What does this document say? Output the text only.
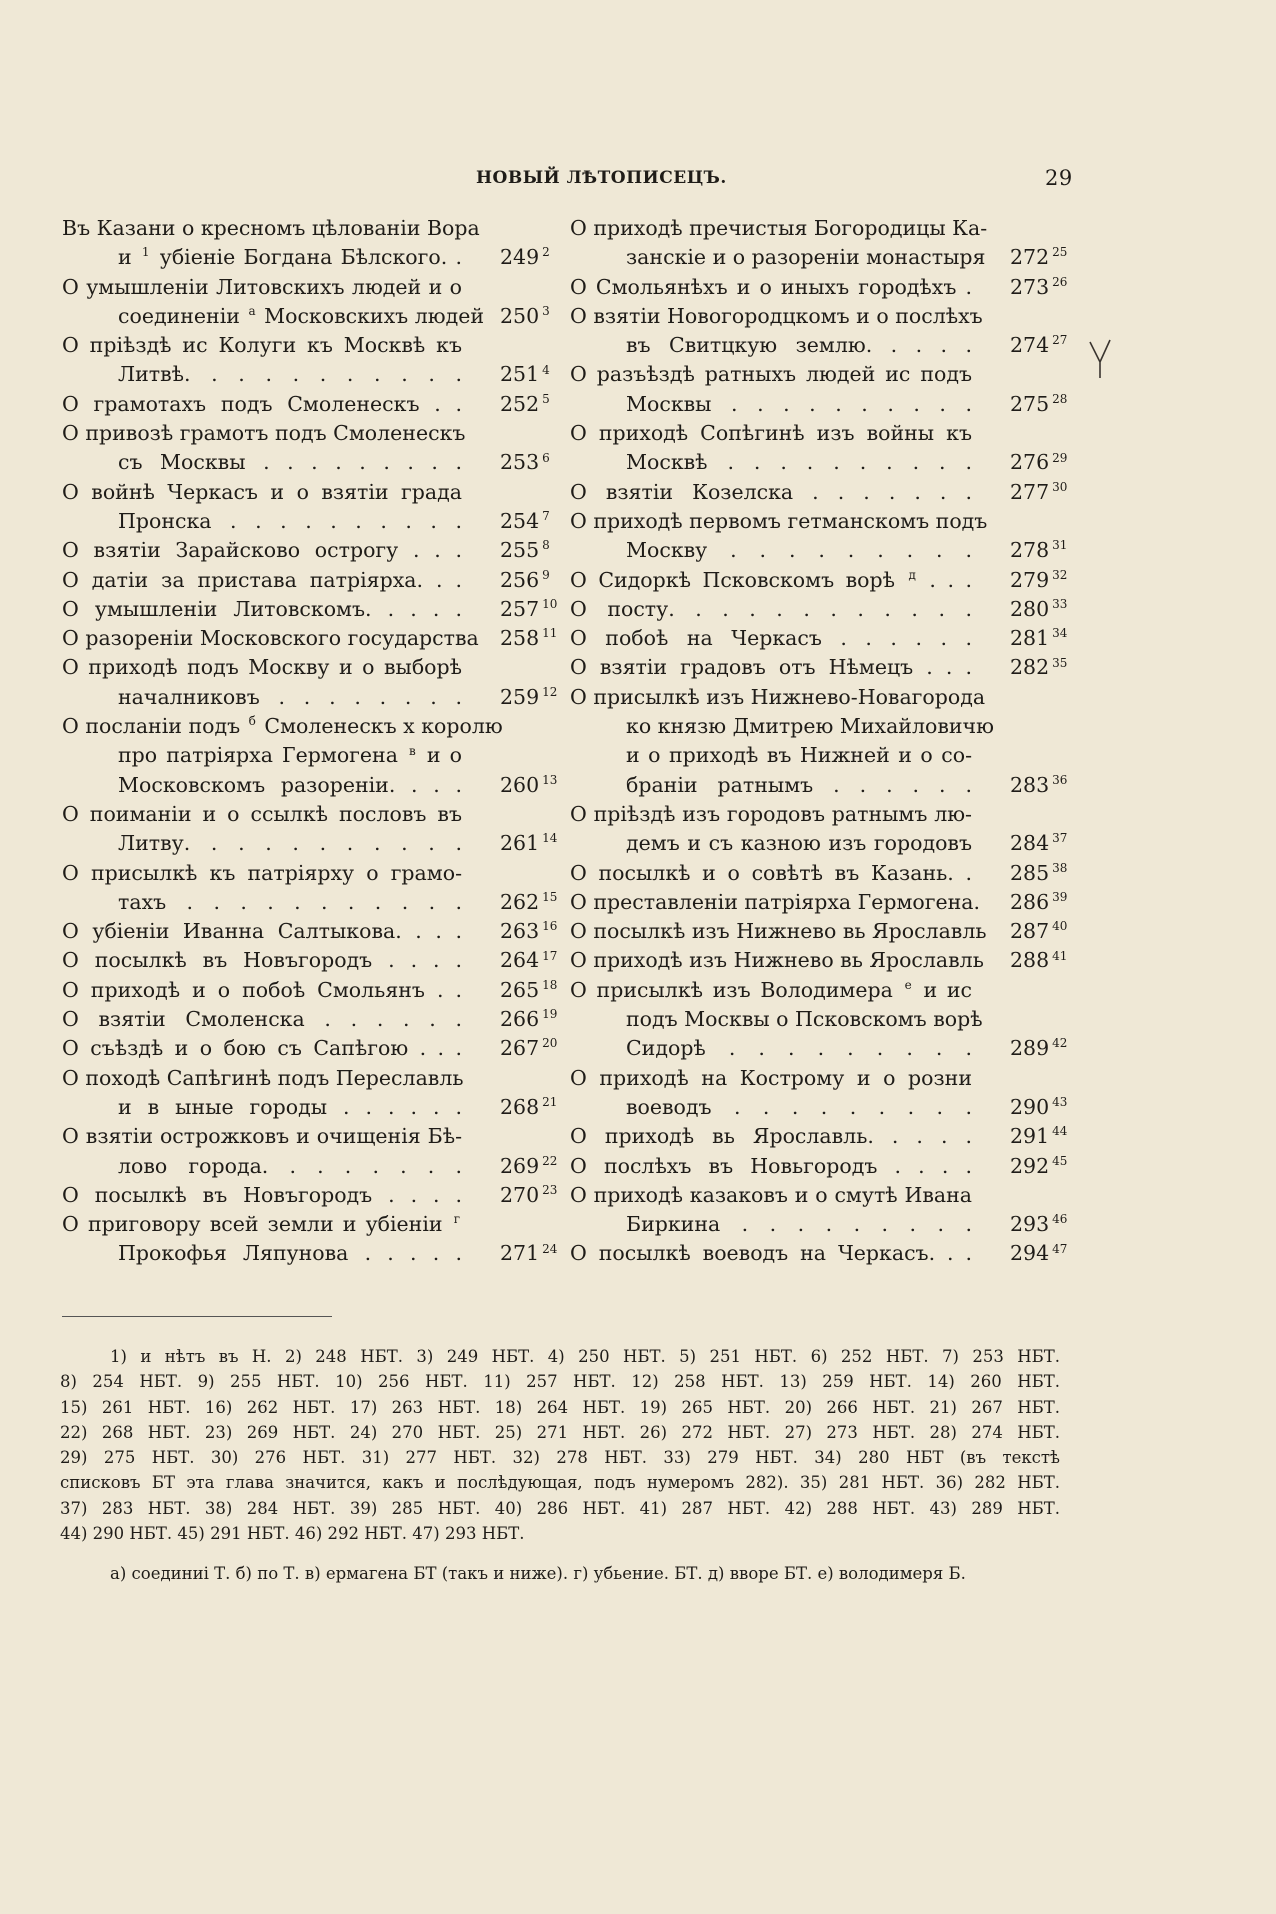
НОВЫЙ ЛѢТОПИСЕЦЪ.	29
Въ Казани о кресномъ цѣлованіи Вора
и $^1$ убіеніе Богдана Бѣлского. . 249 $^2$
О умышленіи Литовскихъ людей и о
соединеніи $^а$ Московскихъ людей 250 $^3$
О пріѣздѣ ис Колуги къ Москвѣ къ
Литвѣ. . . . . . . . . . . 251 $^4$
О грамотахъ подъ Смоленескъ . . 252 $^5$
О привозѣ грамотъ подъ Смоленескъ
съ Москвы . . . . . . . . . 253 $^6$
О войнѣ Черкасъ и о взятіи града
Пронска . . . . . . . . . . 254 $^7$
О взятіи Зарайсково острогу . . . 255 $^8$
О датіи за пристава патріярха. . . 256 $^9$
О умышленіи Литовскомъ. . . . . 257 $^{10}$
О разореніи Московского государства 258 $^{11}$
О приходѣ подъ Москву и о выборѣ
началниковъ . . . . . . . . 259 $^{12}$
О посланіи подъ $^б$ Смоленескъ х королю
про патріярха Гермогена $^в$ и о
Московскомъ разореніи. . . . 260 $^{13}$
О поиманіи и о ссылкѣ пословъ въ
Литву. . . . . . . . . . . 261 $^{14}$
О присылкѣ къ патріярху о грамо-
тахъ . . . . . . . . . . . 262 $^{15}$
О убіеніи Иванна Салтыкова. . . . 263 $^{16}$
О посылкѣ въ Новъгородъ . . . . 264 $^{17}$
О приходѣ и о побоѣ Смольянъ . . 265 $^{18}$
О взятіи Смоленска . . . . . . 266 $^{19}$
О съѣздѣ и о бою съ Сапѣгою . . . 267 $^{20}$
О походѣ Сапѣгинѣ подъ Переславль
и в ыные городы . . . . . . 268 $^{21}$
О взятіи острожковъ и очищенія Бѣ-
лово города. . . . . . . . 269 $^{22}$
О посылкѣ въ Новъгородъ . . . . 270 $^{23}$
О приговору всей земли и убіеніи $^г$
Прокофья Ляпунова . . . . . 271 $^{24}$
О приходѣ пречистыя Богородицы Ка-
занскіе и о разореніи монастыря 272 $^{25}$
О Смольянѣхъ и о иныхъ городѣхъ . 273 $^{26}$
О взятіи Новогородцкомъ и о послѣхъ
въ Свитцкую землю. . . . . 274 $^{27}$
О разъѣздѣ ратныхъ людей ис подъ
Москвы . . . . . . . . . . 275 $^{28}$
О приходѣ Сопѣгинѣ изъ войны къ
Москвѣ . . . . . . . . . . 276 $^{29}$
О взятіи Козелска . . . . . . . 277 $^{30}$
О приходѣ первомъ гетманскомъ подъ
Москву . . . . . . . . . 278 $^{31}$
О Сидоркѣ Псковскомъ ворѣ $^д$ . . . 279 $^{32}$
О посту. . . . . . . . . . . . 280 $^{33}$
О побоѣ на Черкасъ . . . . . . 281 $^{34}$
О взятіи градовъ отъ Нѣмецъ . . . 282 $^{35}$
О присылкѣ изъ Нижнево-Новагорода
ко князю Дмитрею Михайловичю
и о приходѣ въ Нижней и о со-
браніи ратнымъ . . . . . . 283 $^{36}$
О пріѣздѣ изъ городовъ ратнымъ лю-
демъ и съ казною изъ городовъ 284 $^{37}$
О посылкѣ и о совѣтѣ въ Казань. . 285 $^{38}$
О преставленіи патріярха Гермогена. 286 $^{39}$
О посылкѣ изъ Нижнево вь Ярославль 287 $^{40}$
О приходѣ изъ Нижнево вь Ярославль 288 $^{41}$
О присылкѣ изъ Володимера $^е$ и ис
подъ Москвы о Псковскомъ ворѣ
Сидорѣ . . . . . . . . . 289 $^{42}$
О приходѣ на Кострому и о розни
воеводъ . . . . . . . . . 290 $^{43}$
О приходѣ вь Ярославль. . . . . 291 $^{44}$
О послѣхъ въ Новьгородъ . . . . 292 $^{45}$
О приходѣ казаковъ и о смутѣ Ивана
Биркина . . . . . . . . . 293 $^{46}$
О посылкѣ воеводъ на Черкасъ. . . 294 $^{47}$
1) и нѣтъ въ Н. 2) 248 НБТ. 3) 249 НБТ. 4) 250 НБТ. 5) 251 НБТ. 6) 252 НБТ. 7) 253 НБТ.
8) 254 НБТ. 9) 255 НБТ. 10) 256 НБТ. 11) 257 НБТ. 12) 258 НБТ. 13) 259 НБТ. 14) 260 НБТ.
15) 261 НБТ. 16) 262 НБТ. 17) 263 НБТ. 18) 264 НБТ. 19) 265 НБТ. 20) 266 НБТ. 21) 267 НБТ.
22) 268 НБТ. 23) 269 НБТ. 24) 270 НБТ. 25) 271 НБТ. 26) 272 НБТ. 27) 273 НБТ. 28) 274 НБТ.
29) 275 НБТ. 30) 276 НБТ. 31) 277 НБТ. 32) 278 НБТ. 33) 279 НБТ. 34) 280 НБТ (въ текстѣ
списковъ БТ эта глава значится, какъ и послѣдующая, подъ нумеромъ 282). 35) 281 НБТ. 36) 282 НБТ.
37) 283 НБТ. 38) 284 НБТ. 39) 285 НБТ. 40) 286 НБТ. 41) 287 НБТ. 42) 288 НБТ. 43) 289 НБТ.
44) 290 НБТ. 45) 291 НБТ. 46) 292 НБТ. 47) 293 НБТ.
а) соединиі Т. б) по Т. в) ермагена БТ (такъ и ниже). г) убьение. БТ. д) вворе БТ. е) володимеря Б.
